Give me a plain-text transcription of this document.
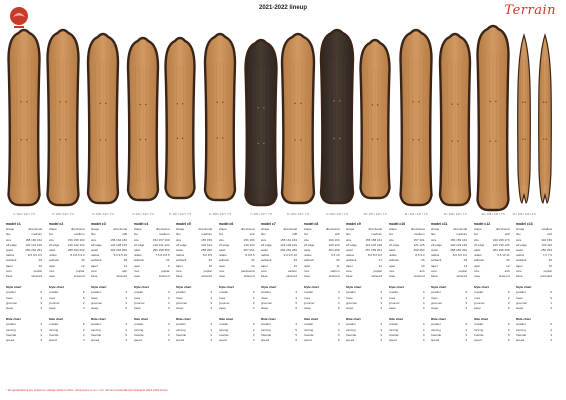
2021-2022 lineup	Terrain
1 / 162 / 147 / 7.5	2 / 160 / 147 / 7.5	3 / 158 / 147 / 7.5	4 / 161 / 147 / 7.5	5 / 157 / 147 / 7.5	6 / 159 / 147 / 7.5	7 / 161 / 147 / 7.5	8 / 160 / 147 / 7.5	9 / 162 / 147 / 7.5	10 / 157 / 147 / 7.5	11 / 161 / 147 / 7.5	12 / 159 / 147 / 7.5	13 / 165 / 147 / 7.5	14 / 150 / 120 / 6.0
model c1
shape	directional
flex	medium
size	158 160 162
eff edge	122 124 126
waist	260 262 264
radius	8.5 9.0 9.5
setback	25
taper	10
core	poplar
base	sintered
Style chart
powder	5
trees	4
groomer	3
steep	4
Ride chart
powder	4
carving	3
freeride	4
speed	3
model c2
shape	directional
flex	medium
size	156 158 160
eff edge	120 122 124
waist	258 260 262
radius	8.0 8.5 9.0
setback	30
taper	12
core	poplar
base	sintered
Style chart
powder	5
trees	5
groomer	2
steep	3
Ride chart
powder	5
carving	2
freeride	4
speed	3
model c3
shape	directional
flex	stiff
size	158 162 166
eff edge	124 128 132
waist	262 264 266
radius	9.0 9.5 10
setback	28
taper	11
core	ash
base	sintered
Style chart
powder	4
trees	3
groomer	4
steep	5
Ride chart
powder	4
carving	4
freeride	5
speed	4
model c4
shape	directional
flex	medium
size	154 157 160
eff edge	118 121 124
waist	256 258 260
radius	7.5 8.0 8.5
setback	22
taper	9
core	poplar
base	sintered
Style chart
powder	3
trees	4
groomer	4
steep	3
Ride chart
powder	3
carving	4
freeride	3
speed	3
model c5
shape	directional
flex	medium
size	155 159
eff edge	120 124
waist	258 262
radius	8.0 8.5
setback	26
taper	10
core	poplar
base	sintered
Style chart
powder	4
trees	4
groomer	3
steep	4
Ride chart
powder	4
carving	3
freeride	4
speed	3
model c6
shape	directional
flex	soft
size	156 160
eff edge	119 123
waist	257 261
radius	8.0 8.5
setback	32
taper	14
core	paulownia
base	sintered
Style chart
powder	5
trees	4
groomer	2
steep	3
Ride chart
powder	5
carving	2
freeride	3
speed	2
model c7
shape	directional
flex	stiff
size	158 161 164
eff edge	123 126 129
waist	262 264 266
radius	9.0 9.5 10
setback	24
taper	10
core	carbon
base	sintered
Style chart
powder	4
trees	3
groomer	5
steep	5
Ride chart
powder	4
carving	5
freeride	5
speed	5
model c8
shape	directional
flex	stiff
size	160 164
eff edge	125 129
waist	264 266
radius	9.5 10
setback	26
taper	11
core	carbon
base	sintered
Style chart
powder	4
trees	3
groomer	4
steep	5
Ride chart
powder	4
carving	4
freeride	5
speed	5
model c9
shape	directional
flex	medium
size	155 158 161
eff edge	119 122 125
waist	257 259 261
radius	8.0 8.5 9.0
setback	27
taper	12
core	poplar
base	sintered
Style chart
powder	4
trees	4
groomer	3
steep	4
Ride chart
powder	4
carving	3
freeride	4
speed	3
model c10
shape	directional
flex	medium
size	157 161
eff edge	121 125
waist	259 263
radius	8.5 9.0
setback	25
taper	10
core	ash
base	sintered
Style chart
powder	4
trees	3
groomer	4
steep	4
Ride chart
powder	4
carving	4
freeride	4
speed	4
model c11
shape	directional
flex	medium
size	156 159 162
eff edge	120 123 126
waist	258 260 262
radius	8.0 8.5 9.0
setback	29
taper	13
core	poplar
base	sintered
Style chart
powder	5
trees	4
groomer	3
steep	4
Ride chart
powder	5
carving	3
freeride	4
speed	3
model c12
shape	directional
flex	stiff
size	160 165 170
eff edge	125 130 135
waist	264 266 268
radius	9.5 10 11
setback	30
taper	12
core	ash
base	sintered
Style chart
powder	5
trees	2
groomer	3
steep	5
Ride chart
powder	5
carving	3
freeride	5
speed	5
model c13
shape	swallow
flex	soft
size	140 150
eff edge	100 110
waist	250 254
radius	7.0 7.5
setback	35
taper	15
core	poplar
base	extruded
Style chart
powder	5
trees	5
groomer	1
steep	2
Ride chart
powder	5
carving	2
freeride	3
speed	2
* all specifications are subject to change without notice. dimensions in cm / mm. Terrain handcrafted snowboards 2021-2022 lineup.
